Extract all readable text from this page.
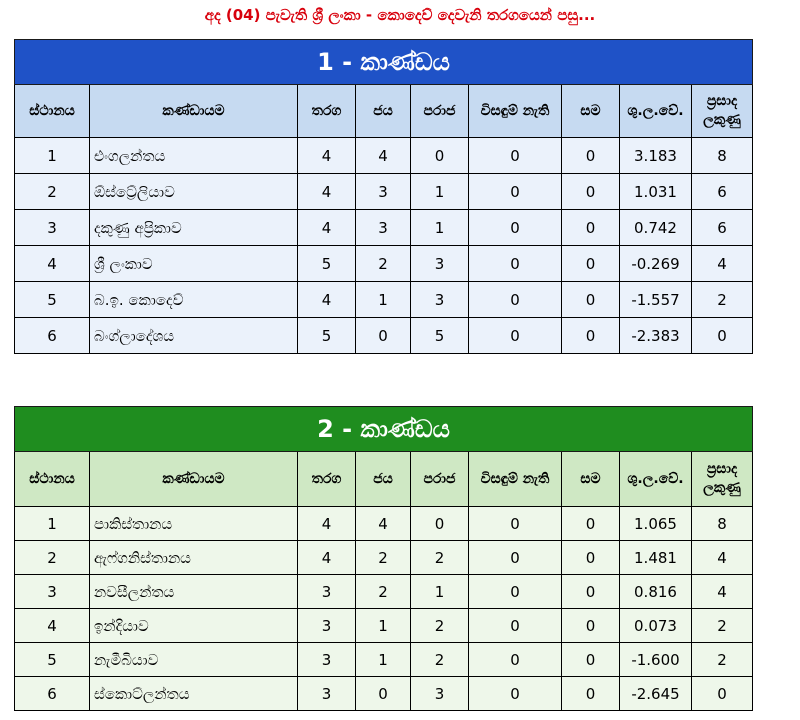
අද (04) පැවැති ශ්‍රී ලංකා - කොදෙව් දෙවැනි තරගයෙන් පසු...
1 - කාණ්ඩය								
ස්ථානය	කණ්ඩායම	තරග	ජය	පරාජ	විසඳුම් නැති	සම	ශු.ල.වේ.	ප්‍රසාද ලකුණු
1	එංගලන්තය	4	4	0	0	0	3.183	8
2	ඕස්ට්‍රේලියාව	4	3	1	0	0	1.031	6
3	දකුණු අප්‍රිකාව	4	3	1	0	0	0.742	6
4	ශ්‍රී ලංකාව	5	2	3	0	0	-0.269	4
5	බ.ඉ. කොදෙව්	4	1	3	0	0	-1.557	2
6	බංග්ලාදේශය	5	0	5	0	0	-2.383	0
2 - කාණ්ඩය								
ස්ථානය	කණ්ඩායම	තරග	ජය	පරාජ	විසඳුම් නැති	සම	ශු.ල.වේ.	ප්‍රසාද ලකුණු
1	පාකිස්තානය	4	4	0	0	0	1.065	8
2	ඇෆ්ගනිස්තානය	4	2	2	0	0	1.481	4
3	නවසීලන්තය	3	2	1	0	0	0.816	4
4	ඉන්දියාව	3	1	2	0	0	0.073	2
5	නැමීබියාව	3	1	2	0	0	-1.600	2
6	ස්කොට්ලන්තය	3	0	3	0	0	-2.645	0
